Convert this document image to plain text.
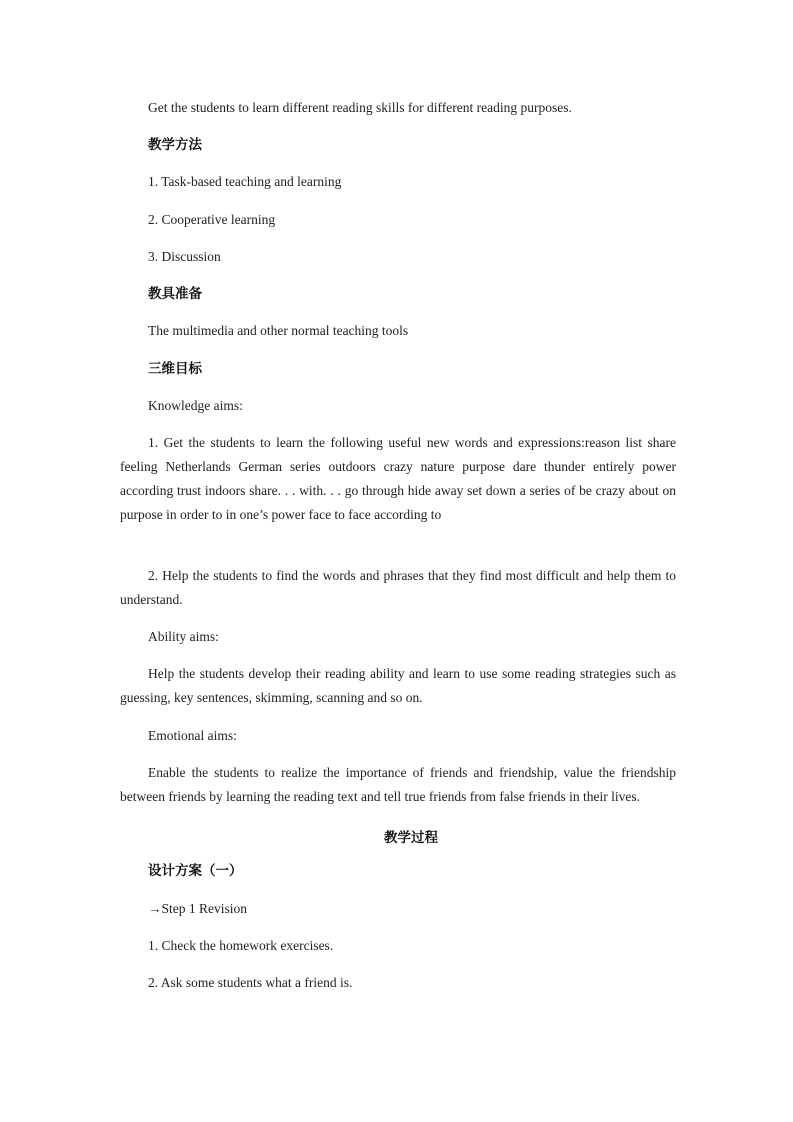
Get the students to learn different reading skills for different reading purposes.
教学方法
1. Task-based teaching and learning
2. Cooperative learning
3. Discussion
教具准备
The multimedia and other normal teaching tools
三维目标
Knowledge aims:
1. Get the students to learn the following useful new words and expressions:reason list share feeling Netherlands German series outdoors crazy nature purpose dare thunder entirely power according trust indoors share. . . with. . . go through hide away set down a series of be crazy about on purpose in order to in one’s power face to face according to
2. Help the students to find the words and phrases that they find most difficult and help them to understand.
Ability aims:
Help the students develop their reading ability and learn to use some reading strategies such as guessing, key sentences, skimming, scanning and so on.
Emotional aims:
Enable the students to realize the importance of friends and friendship, value the friendship between friends by learning the reading text and tell true friends from false friends in their lives.
教学过程
设计方案（一）
→Step 1 Revision
1. Check the homework exercises.
2. Ask some students what a friend is.
